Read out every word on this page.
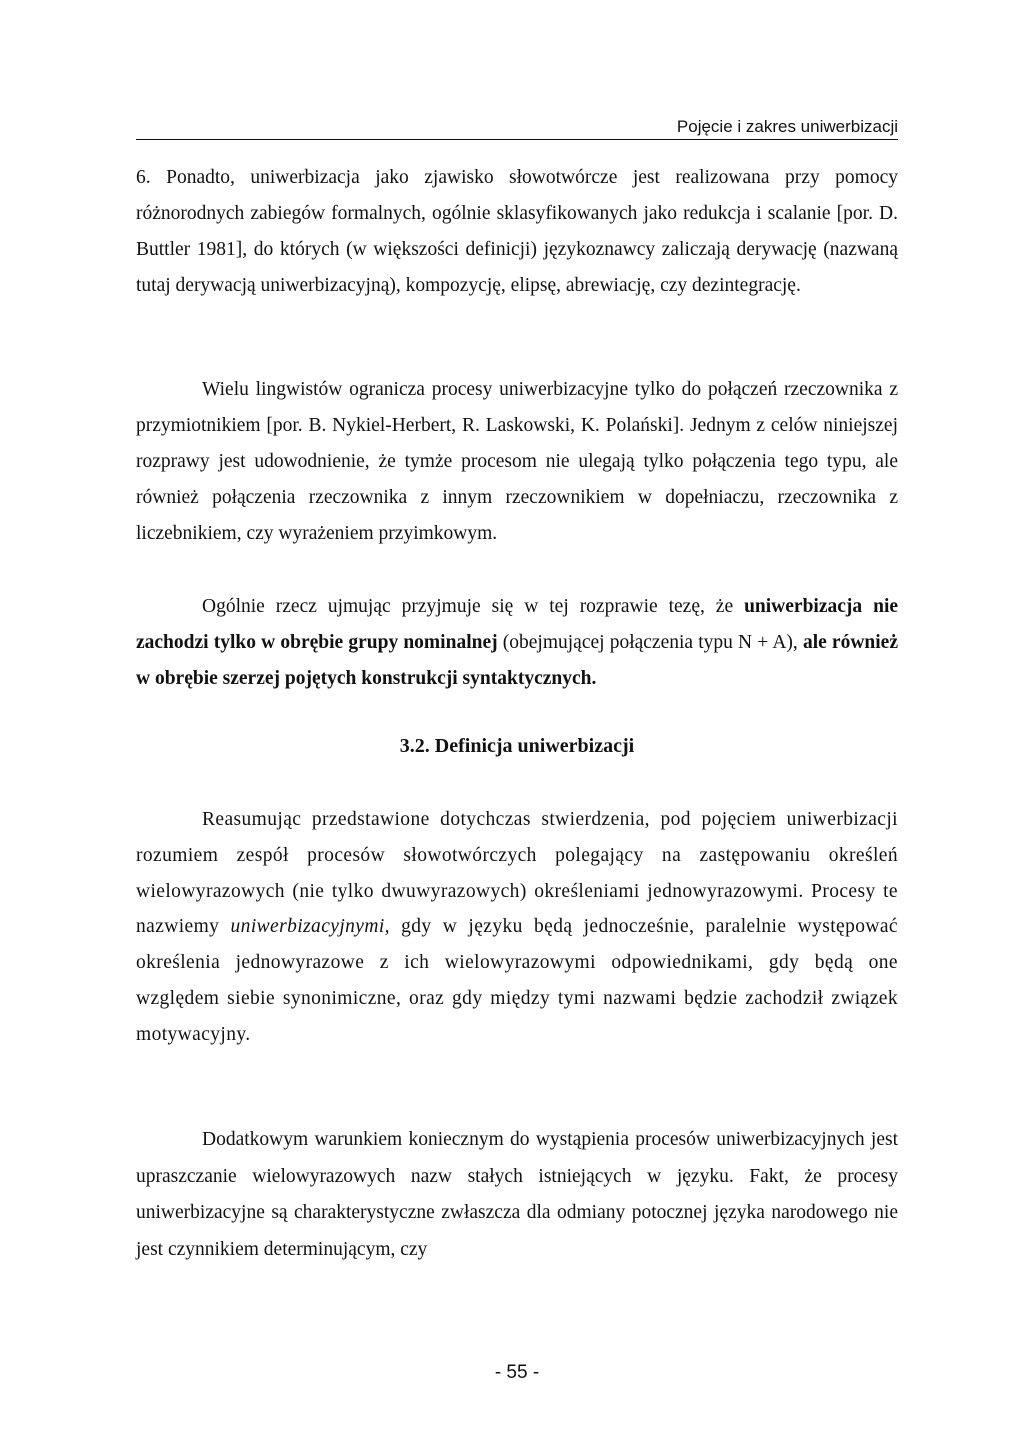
Pojęcie i zakres uniwerbizacji

6. Ponadto, uniwerbizacja jako zjawisko słowotwórcze jest realizowana przy pomocy różnorodnych zabiegów formalnych, ogólnie sklasyfikowanych jako redukcja i scalanie [por. D. Buttler 1981], do których (w większości definicji) językoznawcy zaliczają derywację (nazwaną tutaj derywacją uniwerbizacyjną), kompozycję, elipsę, abrewiację, czy dezintegrację.

Wielu lingwistów ogranicza procesy uniwerbizacyjne tylko do połączeń rzeczownika z przymiotnikiem [por. B. Nykiel-Herbert, R. Laskowski, K. Polański]. Jednym z celów niniejszej rozprawy jest udowodnienie, że tymże procesom nie ulegają tylko połączenia tego typu, ale również połączenia rzeczownika z innym rzeczownikiem w dopełniaczu, rzeczownika z liczebnikiem, czy wyrażeniem przyimkowym.

Ogólnie rzecz ujmując przyjmuje się w tej rozprawie tezę, że uniwerbizacja nie zachodzi tylko w obrębie grupy nominalnej (obejmującej połączenia typu N + A), ale również w obrębie szerzej pojętych konstrukcji syntaktycznych.

3.2. Definicja uniwerbizacji

Reasumując przedstawione dotychczas stwierdzenia, pod pojęciem uniwerbizacji rozumiem zespół procesów słowotwórczych polegający na zastępowaniu określeń wielowyrazowych (nie tylko dwuwyrazowych) określeniami jednowyrazowymi. Procesy te nazwiemy uniwerbizacyjnymi, gdy w języku będą jednocześnie, paralelnie występować określenia jednowyrazowe z ich wielowyrazowymi odpowiednikami, gdy będą one względem siebie synonimiczne, oraz gdy między tymi nazwami będzie zachodził związek motywacyjny.

Dodatkowym warunkiem koniecznym do wystąpienia procesów uniwerbizacyjnych jest upraszczanie wielowyrazowych nazw stałych istniejących w języku. Fakt, że procesy uniwerbizacyjne są charakterystyczne zwłaszcza dla odmiany potocznej języka narodowego nie jest czynnikiem determinującym, czy

- 55 -
